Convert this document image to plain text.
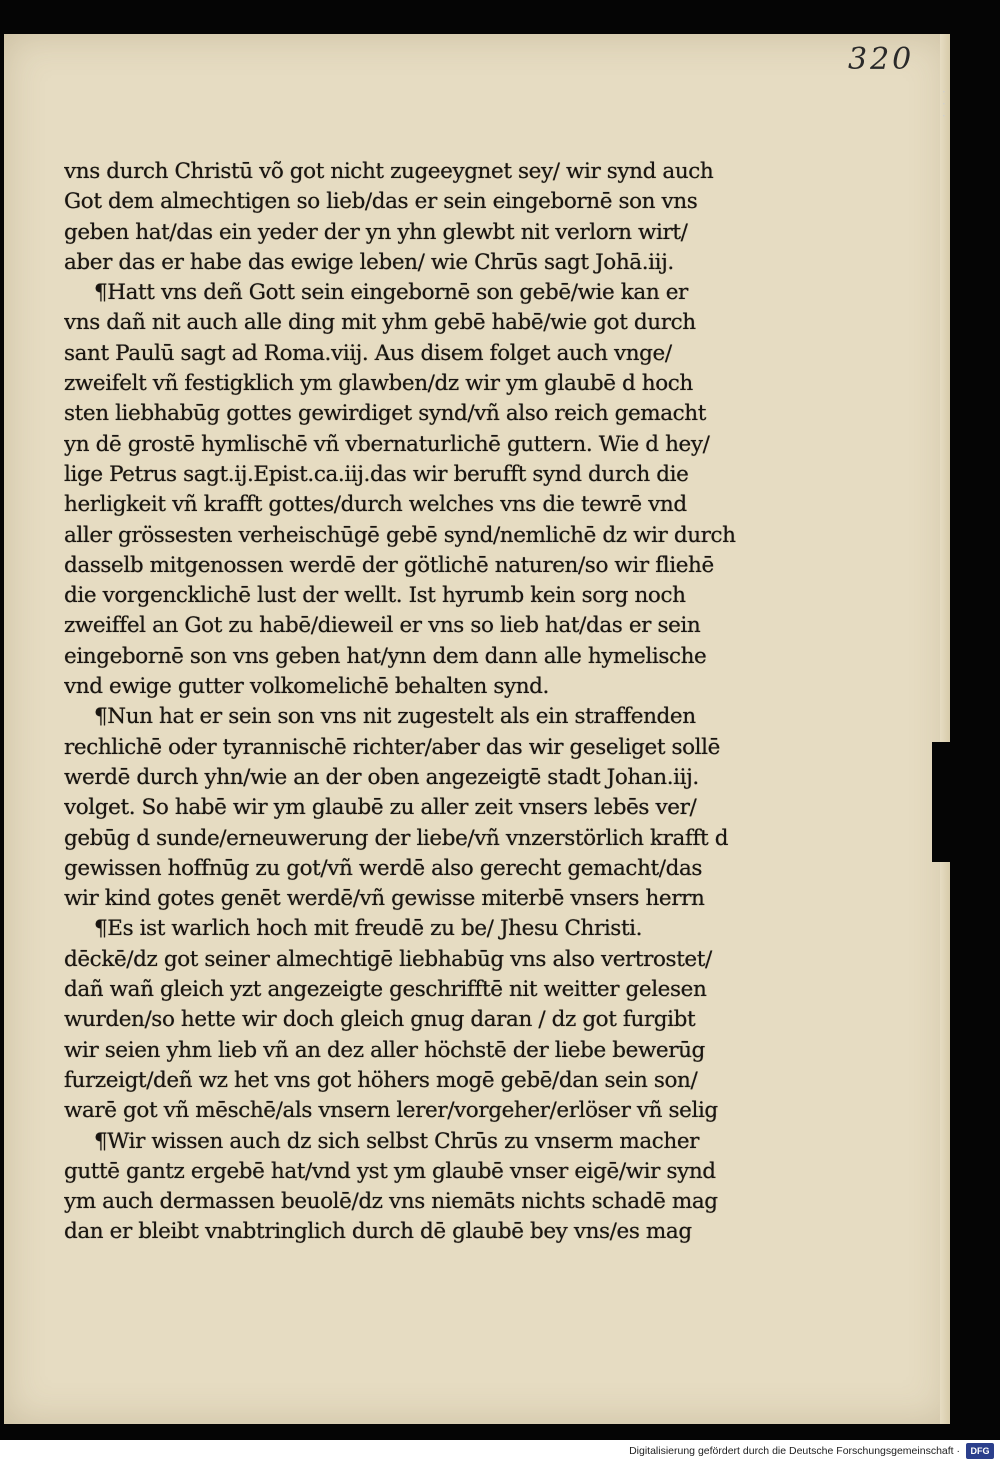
320
·
·
·
vns durch Christū võ got nicht zugeeygnet sey/ wir synd auch
Got dem almechtigen so lieb/das er sein eingebornē son vns
geben hat/das ein yeder der yn yhn glewbt nit verlorn wirt/
aber das er habe das ewige leben/ wie Chrūs sagt Johā.iij.
¶Hatt vns deñ Gott sein eingebornē son gebē/wie kan er
vns dañ nit auch alle ding mit yhm gebē habē/wie got durch
sant Paulū sagt ad Roma.viij. Aus disem folget auch vnge/
zweifelt vñ festigklich ym glawben/dz wir ym glaubē d hoch
sten liebhabūg gottes gewirdiget synd/vñ also reich gemacht
yn dē grostē hymlischē vñ vbernaturlichē guttern. Wie d hey/
lige Petrus sagt.ij.Epist.ca.iij.das wir berufft synd durch die
herligkeit vñ krafft gottes/durch welches vns die tewrē vnd
aller grössesten verheischūgē gebē synd/nemlichē dz wir durch
dasselb mitgenossen werdē der götlichē naturen/so wir fliehē
die vorgencklichē lust der wellt. Ist hyrumb kein sorg noch
zweiffel an Got zu habē/dieweil er vns so lieb hat/das er sein
eingebornē son vns geben hat/ynn dem dann alle hymelische
vnd ewige gutter volkomelichē behalten synd.
¶Nun hat er sein son vns nit zugestelt als ein straffenden
rechlichē oder tyrannischē richter/aber das wir geseliget sollē
werdē durch yhn/wie an der oben angezeigtē stadt Johan.iij.
volget. So habē wir ym glaubē zu aller zeit vnsers lebēs ver/
gebūg d sunde/erneuwerung der liebe/vñ vnzerstörlich krafft d
gewissen hoffnūg zu got/vñ werdē also gerecht gemacht/das
wir kind gotes genēt werdē/vñ gewisse miterbē vnsers herrn
¶Es ist warlich hoch mit freudē zu be/ Jhesu Christi.
dēckē/dz got seiner almechtigē liebhabūg vns also vertrostet/
dañ wañ gleich yzt angezeigte geschrifftē nit weitter gelesen
wurden/so hette wir doch gleich gnug daran / dz got furgibt
wir seien yhm lieb vñ an dez aller höchstē der liebe bewerūg
furzeigt/deñ wz het vns got höhers mogē gebē/dan sein son/
warē got vñ mēschē/als vnsern lerer/vorgeher/erlöser vñ selig
¶Wir wissen auch dz sich selbst Chrūs zu vnserm macher
guttē gantz ergebē hat/vnd yst ym glaubē vnser eigē/wir synd
ym auch dermassen beuolē/dz vns niemāts nichts schadē mag
dan er bleibt vnabtringlich durch dē glaubē bey vns/es mag
Digitalisierung gefördert durch die Deutsche Forschungsgemeinschaft ·	DFG
